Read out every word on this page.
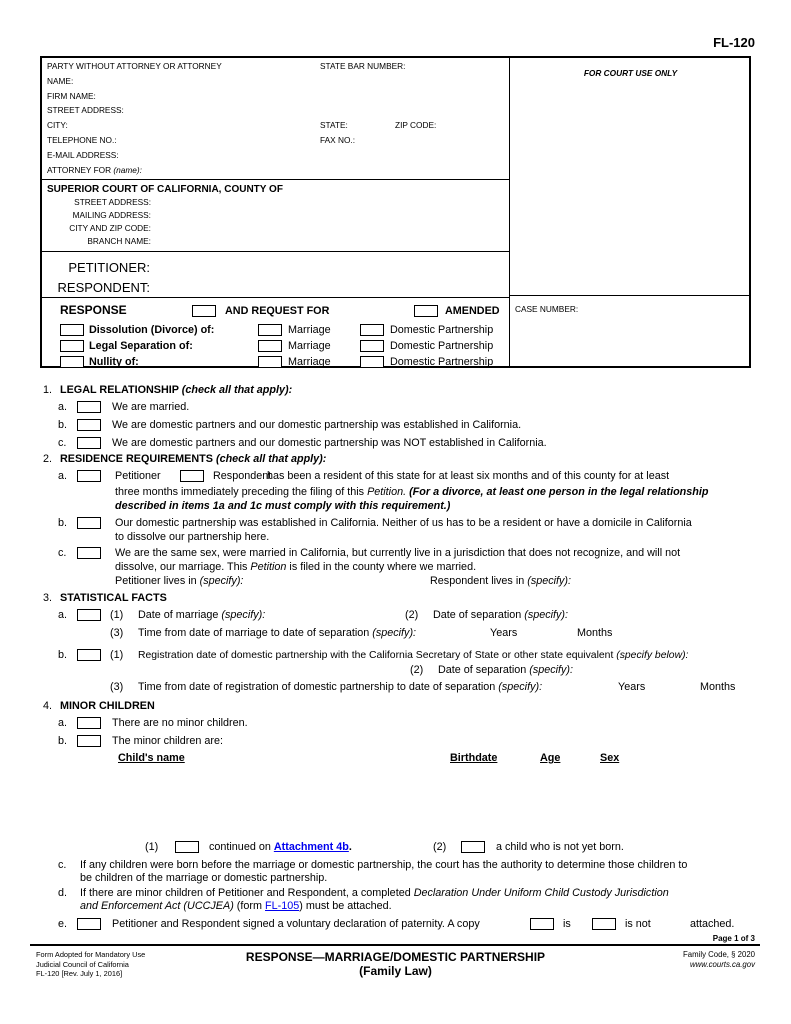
FL-120
PARTY WITHOUT ATTORNEY OR ATTORNEY	STATE BAR NUMBER:
NAME:
FIRM NAME:
STREET ADDRESS:
CITY:	STATE:	ZIP CODE:
TELEPHONE NO.:	FAX NO.:
E-MAIL ADDRESS:
ATTORNEY FOR (name):
SUPERIOR COURT OF CALIFORNIA, COUNTY OF
STREET ADDRESS:
MAILING ADDRESS:
CITY AND ZIP CODE:
BRANCH NAME:
PETITIONER:
RESPONDENT:
RESPONSE	AND REQUEST FOR	AMENDED
Dissolution (Divorce) of:	Marriage	Domestic Partnership
Legal Separation of:	Marriage	Domestic Partnership
Nullity of:	Marriage	Domestic Partnership
FOR COURT USE ONLY
CASE NUMBER:
1. LEGAL RELATIONSHIP (check all that apply):
a.	We are married.
b.	We are domestic partners and our domestic partnership was established in California.
c.	We are domestic partners and our domestic partnership was NOT established in California.
2. RESIDENCE REQUIREMENTS (check all that apply):
a.	Petitioner	Respondent
has been a resident of this state for at least six months and of this county for at least
three months immediately preceding the filing of this Petition. (For a divorce, at least one person in the legal relationship
described in items 1a and 1c must comply with this requirement.)
b.	Our domestic partnership was established in California. Neither of us has to be a resident or have a domicile in California
to dissolve our partnership here.
c.	We are the same sex, were married in California, but currently live in a jurisdiction that does not recognize, and will not
dissolve, our marriage. This Petition is filed in the county where we married.
Petitioner lives in (specify):	Respondent lives in (specify):
3. STATISTICAL FACTS
a.	(1) Date of marriage (specify):	(2) Date of separation (specify):
(3) Time from date of marriage to date of separation (specify):	Years	Months
b.	(1) Registration date of domestic partnership with the California Secretary of State or other state equivalent (specify below):
(2) Date of separation (specify):
(3) Time from date of registration of domestic partnership to date of separation (specify):	Years	Months
4. MINOR CHILDREN
a.	There are no minor children.
b.	The minor children are:
Child's name	Birthdate	Age	Sex
(1)	continued on Attachment 4b.	(2)	a child who is not yet born.
c. If any children were born before the marriage or domestic partnership, the court has the authority to determine those children to
be children of the marriage or domestic partnership.
d. If there are minor children of Petitioner and Respondent, a completed Declaration Under Uniform Child Custody Jurisdiction
and Enforcement Act (UCCJEA) (form FL-105) must be attached.
e.	Petitioner and Respondent signed a voluntary declaration of paternity. A copy	is	is not	attached.
Page 1 of 3
Form Adopted for Mandatory Use
Judicial Council of California
FL-120 [Rev. July 1, 2016]
RESPONSE—MARRIAGE/DOMESTIC PARTNERSHIP
(Family Law)
Family Code, § 2020
www.courts.ca.gov
